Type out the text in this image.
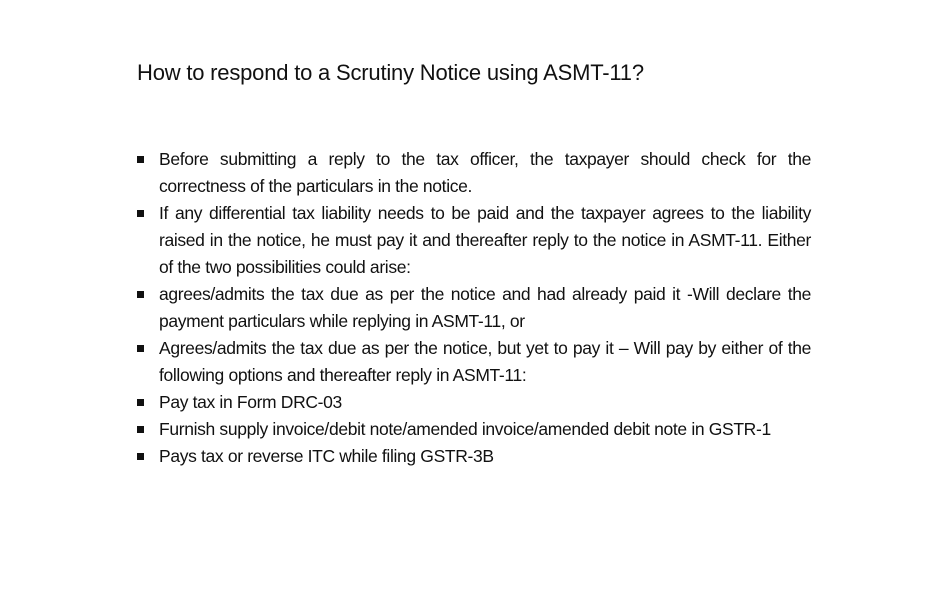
How to respond to a Scrutiny Notice using ASMT-11?
Before submitting a reply to the tax officer, the taxpayer should check for the correctness of the particulars in the notice.
If any differential tax liability needs to be paid and the taxpayer agrees to the liability raised in the notice, he must pay it and thereafter reply to the notice in ASMT-11. Either of the two possibilities could arise:
agrees/admits the tax due as per the notice and had already paid it -Will declare the payment particulars while replying in ASMT-11, or
Agrees/admits the tax due as per the notice, but yet to pay it – Will pay by either of the following options and thereafter reply in ASMT-11:
Pay tax in Form DRC-03
Furnish supply invoice/debit note/amended invoice/amended debit note in GSTR-1
Pays tax or reverse ITC while filing GSTR-3B
